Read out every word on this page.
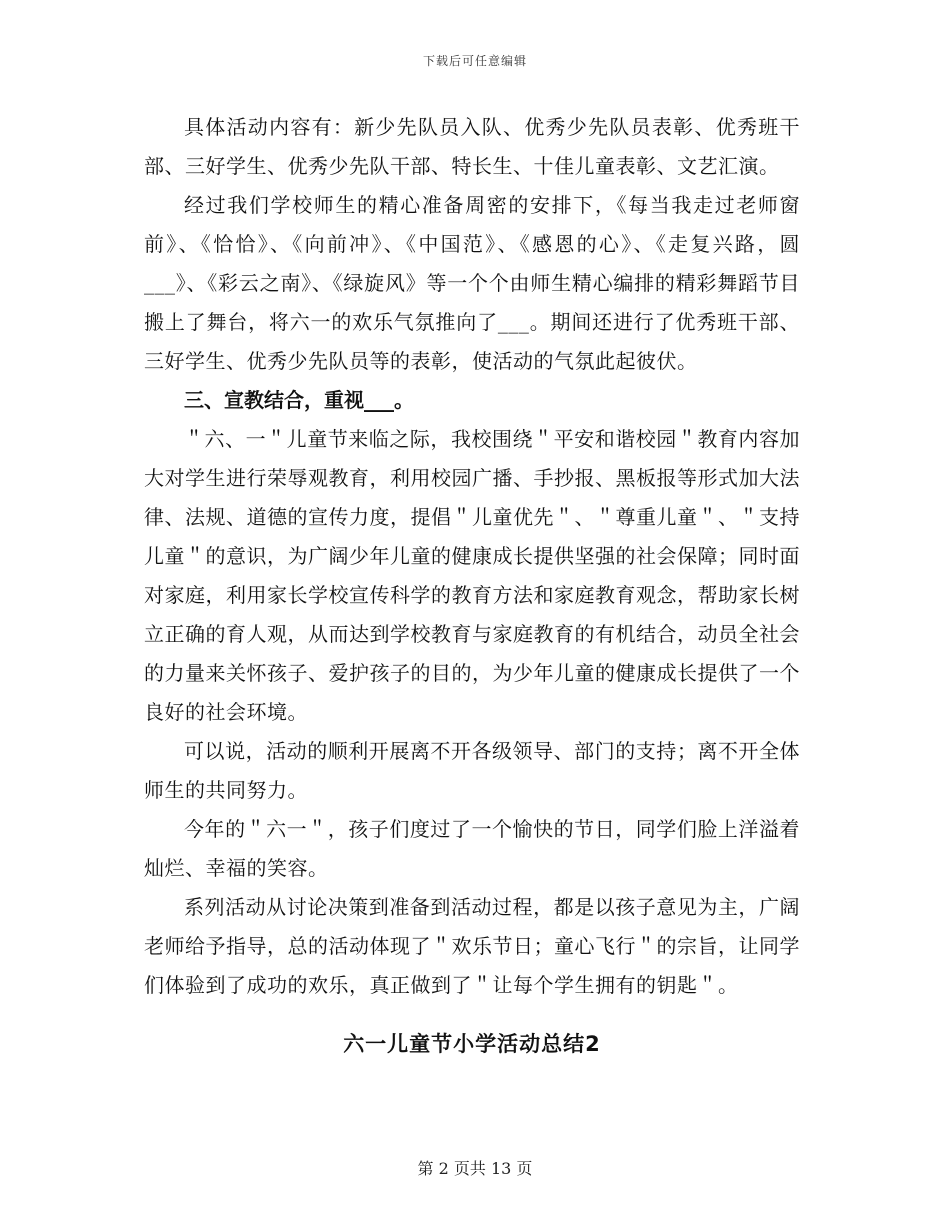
下载后可任意编辑

具体活动内容有：新少先队员入队、优秀少先队员表彰、优秀班干部、三好学生、优秀少先队干部、特长生、十佳儿童表彰、文艺汇演。

经过我们学校师生的精心准备周密的安排下，《每当我走过老师窗前》、《恰恰》、《向前冲》、《中国范》、《感恩的心》、《走复兴路，圆___》、《彩云之南》、《绿旋风》等一个个由师生精心编排的精彩舞蹈节目搬上了舞台，将六一的欢乐气氛推向了___。期间还进行了优秀班干部、三好学生、优秀少先队员等的表彰，使活动的气氛此起彼伏。

三、宣教结合，重视___。

＂六、一＂儿童节来临之际，我校围绕＂平安和谐校园＂教育内容加大对学生进行荣辱观教育，利用校园广播、手抄报、黑板报等形式加大法律、法规、道德的宣传力度，提倡＂儿童优先＂、＂尊重儿童＂、＂支持儿童＂的意识，为广阔少年儿童的健康成长提供坚强的社会保障；同时面对家庭，利用家长学校宣传科学的教育方法和家庭教育观念，帮助家长树立正确的育人观，从而达到学校教育与家庭教育的有机结合，动员全社会的力量来关怀孩子、爱护孩子的目的，为少年儿童的健康成长提供了一个良好的社会环境。

可以说，活动的顺利开展离不开各级领导、部门的支持；离不开全体师生的共同努力。

今年的＂六一＂，孩子们度过了一个愉快的节日，同学们脸上洋溢着灿烂、幸福的笑容。

系列活动从讨论决策到准备到活动过程，都是以孩子意见为主，广阔老师给予指导，总的活动体现了＂欢乐节日；童心飞行＂的宗旨，让同学们体验到了成功的欢乐，真正做到了＂让每个学生拥有的钥匙＂。

六一儿童节小学活动总结2

第 2 页共 13 页
